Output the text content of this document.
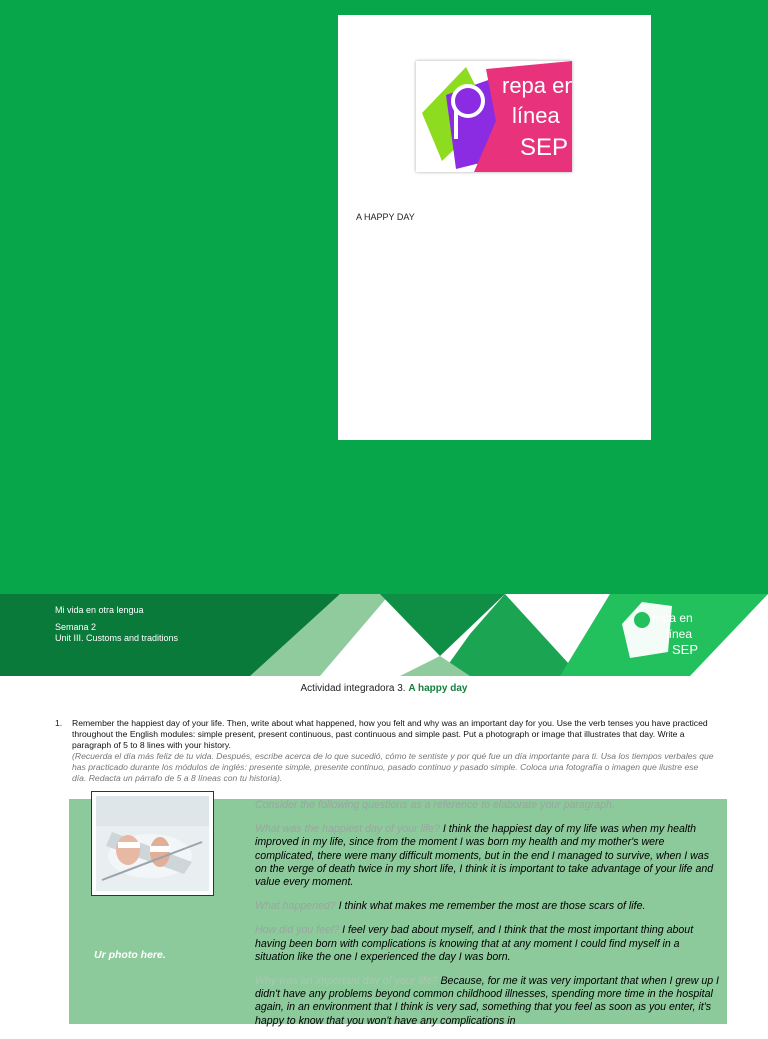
repa en
línea
SEP
A HAPPY DAY
repa en
línea
SEP
Mi vida en otra lengua
Semana 2
Unit III. Customs and traditions
Actividad integradora 3. A happy day
1. Remember the happiest day of your life. Then, write about what happened, how you felt and why was an important day for you. Use the verb tenses you have practiced throughout the English modules: simple present, present continuous, past continuous and simple past. Put a photograph or image that illustrates that day. Write a paragraph of 5 to 8 lines with your history.
(Recuerda el día más feliz de tu vida. Después, escribe acerca de lo que sucedió, cómo te sentiste y por qué fue un día importante para ti. Usa los tiempos verbales que has practicado durante los módulos de inglés: presente simple, presente continuo, pasado continuo y pasado simple. Coloca una fotografía o imagen que ilustre ese día. Redacta un párrafo de 5 a 8 líneas con tu historia).
Ur photo here.

Consider the following questions as a reference to elaborate your paragraph.

What was the happiest day of your life? I think the happiest day of my life was when my health improved in my life, since from the moment I was born my health and my mother's were complicated, there were many difficult moments, but in the end I managed to survive, when I was on the verge of death twice in my short life, I think it is important to take advantage of your life and value every moment.

What happened? I think what makes me remember the most are those scars of life.

How did you feel? I feel very bad about myself, and I think that the most important thing about having been born with complications is knowing that at any moment I could find myself in a situation like the one I experienced the day I was born.

Why was an important day of your life? Because, for me it was very important that when I grew up I didn't have any problems beyond common childhood illnesses, spending more time in the hospital again, in an environment that I think is very sad, something that you feel as soon as you enter, it's happy to know that you won't have any complications in
